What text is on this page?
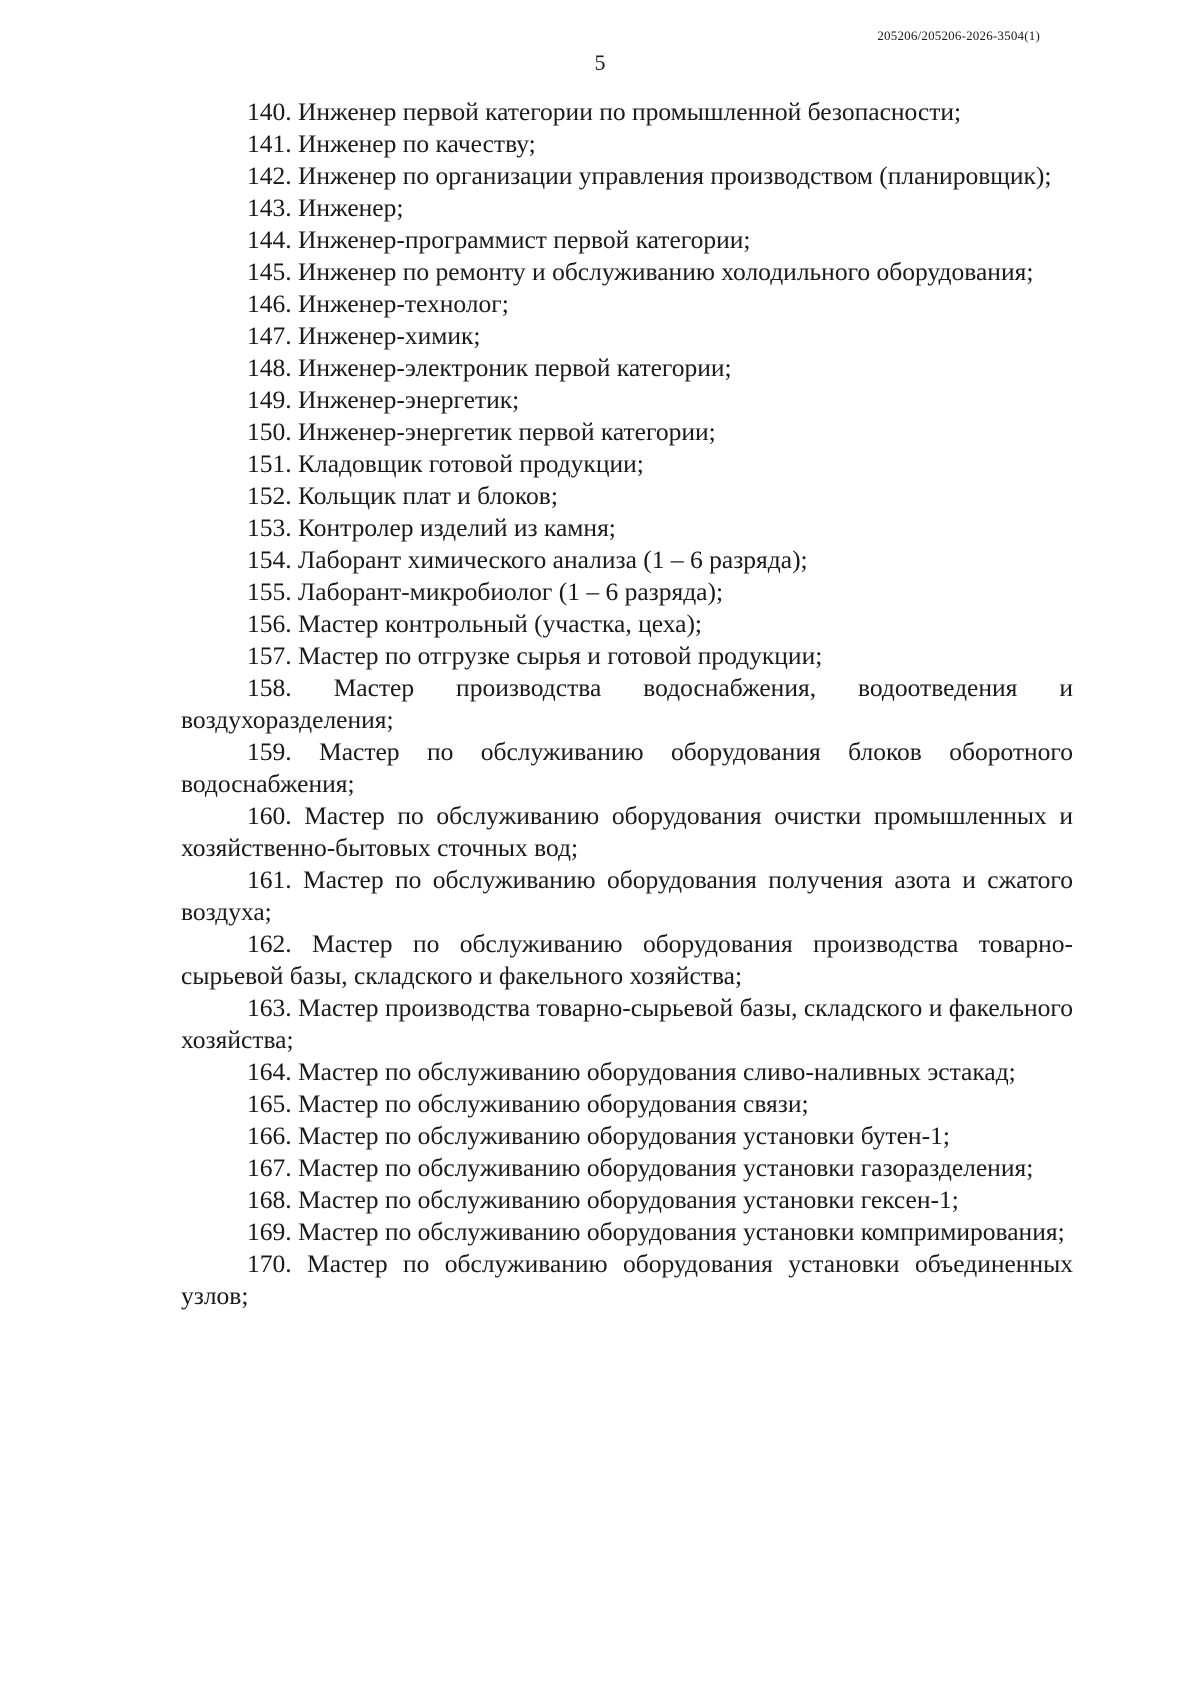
205206/205206-2026-3504(1)
5
140. Инженер первой категории по промышленной безопасности;
141. Инженер по качеству;
142. Инженер по организации управления производством (планировщик);
143. Инженер;
144. Инженер-программист первой категории;
145. Инженер по ремонту и обслуживанию холодильного оборудования;
146. Инженер-технолог;
147. Инженер-химик;
148. Инженер-электроник первой категории;
149. Инженер-энергетик;
150. Инженер-энергетик первой категории;
151. Кладовщик готовой продукции;
152. Кольщик плат и блоков;
153. Контролер изделий из камня;
154. Лаборант химического анализа (1 – 6 разряда);
155. Лаборант-микробиолог (1 – 6 разряда);
156. Мастер контрольный (участка, цеха);
157. Мастер по отгрузке сырья и готовой продукции;
158. Мастер производства водоснабжения, водоотведения и воздухоразделения;
159. Мастер по обслуживанию оборудования блоков оборотного водоснабжения;
160. Мастер по обслуживанию оборудования очистки промышленных и хозяйственно-бытовых сточных вод;
161. Мастер по обслуживанию оборудования получения азота и сжатого воздуха;
162. Мастер по обслуживанию оборудования производства товарно-сырьевой базы, складского и факельного хозяйства;
163. Мастер производства товарно-сырьевой базы, складского и факельного хозяйства;
164. Мастер по обслуживанию оборудования сливо-наливных эстакад;
165. Мастер по обслуживанию оборудования связи;
166. Мастер по обслуживанию оборудования установки бутен-1;
167. Мастер по обслуживанию оборудования установки газоразделения;
168. Мастер по обслуживанию оборудования установки гексен-1;
169. Мастер по обслуживанию оборудования установки компримирования;
170. Мастер по обслуживанию оборудования установки объединенных узлов;
